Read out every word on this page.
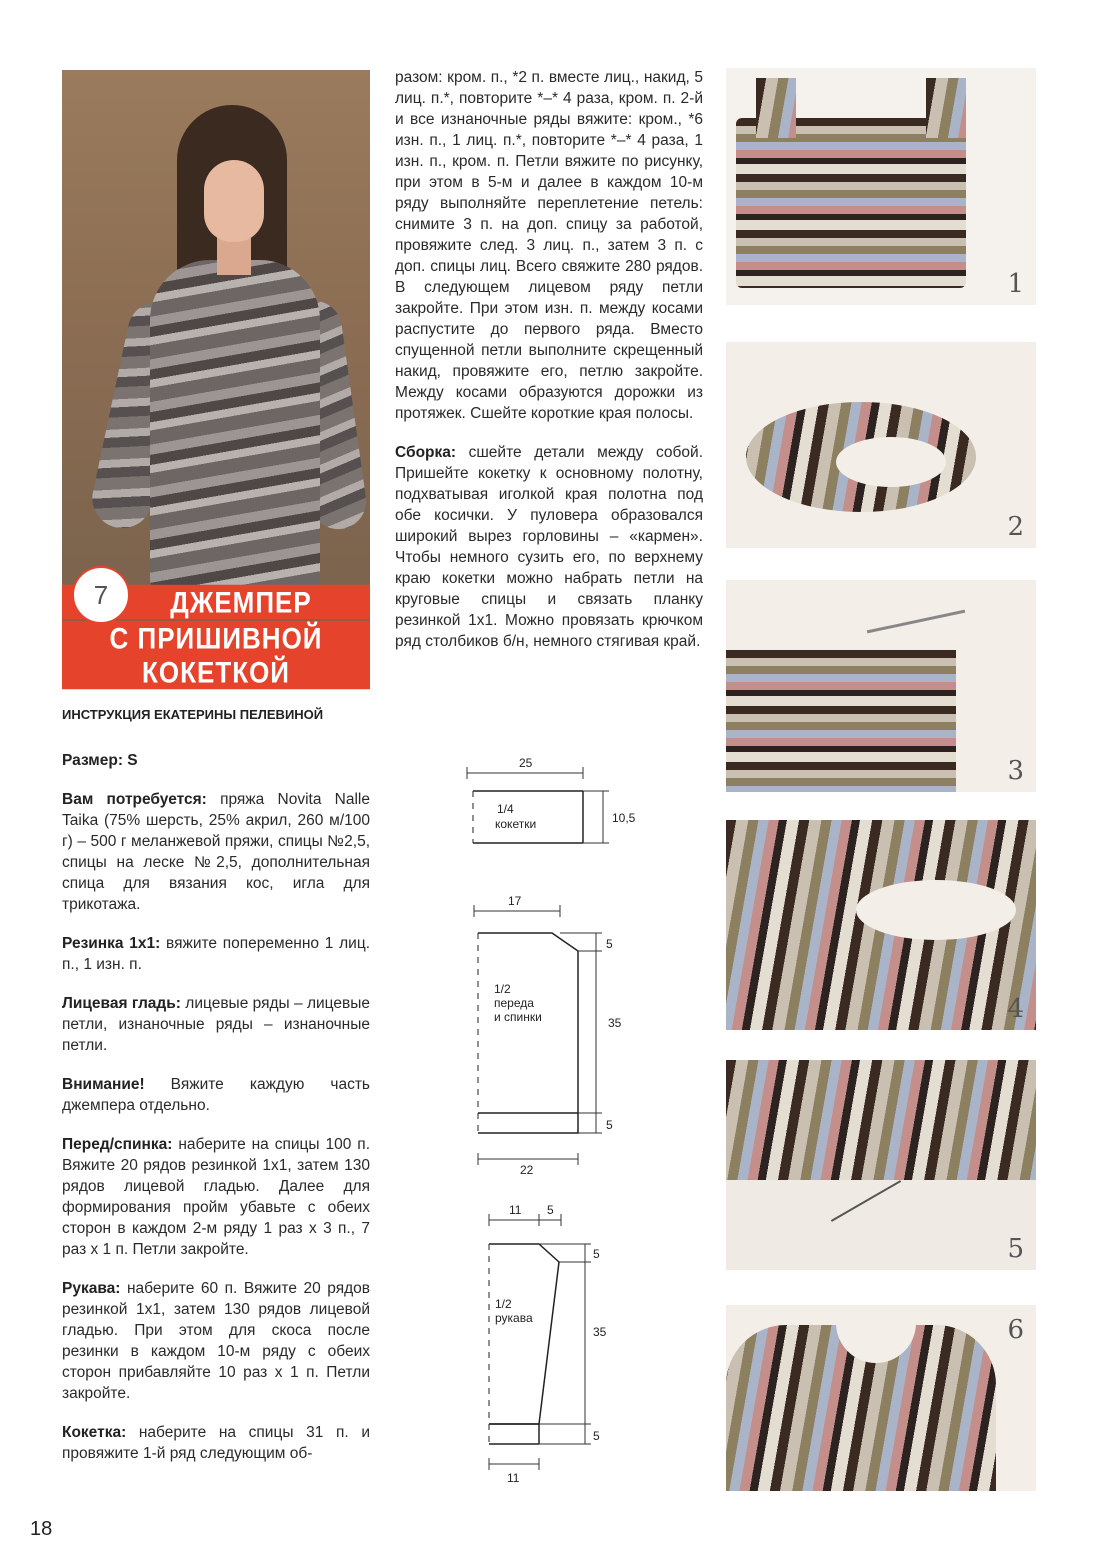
ДЖЕМПЕР
С ПРИШИВНОЙ
КОКЕТКОЙ
7
ИНСТРУКЦИЯ ЕКАТЕРИНЫ ПЕЛЕВИНОЙ

Размер: S

Вам потребуется: пряжа Novita Nalle Taika (75% шерсть, 25% акрил, 260 м/100 г) – 500 г меланжевой пряжи, спицы №2,5, спицы на леске №2,5, дополнительная спица для вязания кос, игла для трикотажа.

Резинка 1х1: вяжите попеременно 1 лиц. п., 1 изн. п.

Лицевая гладь: лицевые ряды – лицевые петли, изнаночные ряды – изнаночные петли.

Внимание! Вяжите каждую часть джемпера отдельно.

Перед/спинка: наберите на спицы 100 п. Вяжите 20 рядов резинкой 1х1, затем 130 рядов лицевой гладью. Далее для формирования пройм убавьте с обеих сторон в каждом 2-м ряду 1 раз х 3 п., 7 раз х 1 п. Петли закройте.

Рукава: наберите 60 п. Вяжите 20 рядов резинкой 1х1, затем 130 рядов лицевой гладью. При этом для скоса после резинки в каждом 10-м ряду с обеих сторон прибавляйте 10 раз х 1 п. Петли закройте.

Кокетка: наберите на спицы 31 п. и провяжите 1-й ряд следующим об-

разом: кром. п., *2 п. вместе лиц., накид, 5 лиц. п.*, повторите *–* 4 раза, кром. п. 2-й и все изнаночные ряды вяжите: кром., *6 изн. п., 1 лиц. п.*, повторите *–* 4 раза, 1 изн. п., кром. п. Петли вяжите по рисунку, при этом в 5-м и далее в каждом 10-м ряду выполняйте переплетение петель: снимите 3 п. на доп. спицу за работой, провяжите след. 3 лиц. п., затем 3 п. с доп. спицы лиц. Всего свяжите 280 рядов. В следующем лицевом ряду петли закройте. При этом изн. п. между косами распустите до первого ряда. Вместо спущенной петли выполните скрещенный накид, провяжите его, петлю закройте. Между косами образуются дорожки из протяжек. Сшейте короткие края полосы.

Сборка: сшейте детали между собой. Пришейте кокетку к основному полотну, подхватывая иголкой края полотна под обе косички. У пуловера образовался широкий вырез горловины – «кармен». Чтобы немного сузить его, по верхнему краю кокетки можно набрать петли на круговые спицы и связать планку резинкой 1х1. Можно провязать крючком ряд столбиков б/н, немного стягивая край.

25
10,5
1/4
кокетки
17
5
35
5
22
1/2
переда
и спинки
11 5
5
35
5
11
1/2
рукава
1
2
3
4
5
6
18
